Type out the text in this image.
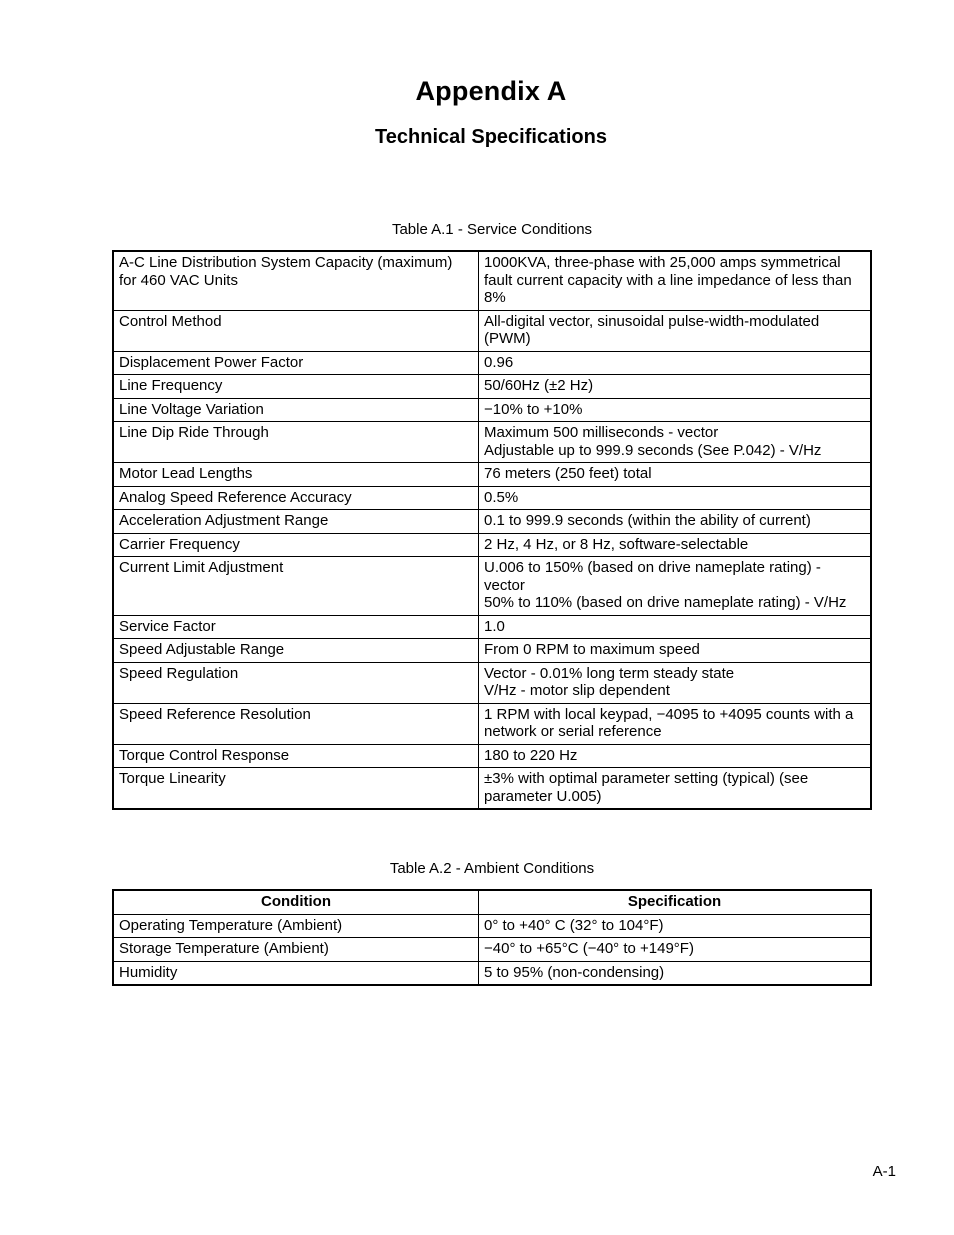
Appendix A
Technical Specifications
Table A.1 - Service Conditions
A-C Line Distribution System Capacity (maximum) for 460 VAC Units	1000KVA, three-phase with 25,000 amps symmetrical fault current capacity with a line impedance of less than 8%
Control Method	All-digital vector, sinusoidal pulse-width-modulated (PWM)
Displacement Power Factor	0.96
Line Frequency	50/60Hz (±2 Hz)
Line Voltage Variation	−10% to +10%
Line Dip Ride Through	Maximum 500 milliseconds - vector
Adjustable up to 999.9 seconds (See P.042) - V/Hz
Motor Lead Lengths	76 meters (250 feet) total
Analog Speed Reference Accuracy	0.5%
Acceleration Adjustment Range	0.1 to 999.9 seconds (within the ability of current)
Carrier Frequency	2 Hz, 4 Hz, or 8 Hz, software-selectable
Current Limit Adjustment	U.006 to 150% (based on drive nameplate rating) - vector
50% to 110% (based on drive nameplate rating) - V/Hz
Service Factor	1.0
Speed Adjustable Range	From 0 RPM to maximum speed
Speed Regulation	Vector - 0.01% long term steady state
V/Hz - motor slip dependent
Speed Reference Resolution	1 RPM with local keypad, −4095 to +4095 counts with a network or serial reference
Torque Control Response	180 to 220 Hz
Torque Linearity	±3% with optimal parameter setting (typical) (see parameter U.005)
Table A.2 - Ambient Conditions
Condition	Specification
Operating Temperature (Ambient)	0° to +40° C (32° to 104°F)
Storage Temperature (Ambient)	−40° to +65°C (−40° to +149°F)
Humidity	5 to 95% (non-condensing)
A-1
